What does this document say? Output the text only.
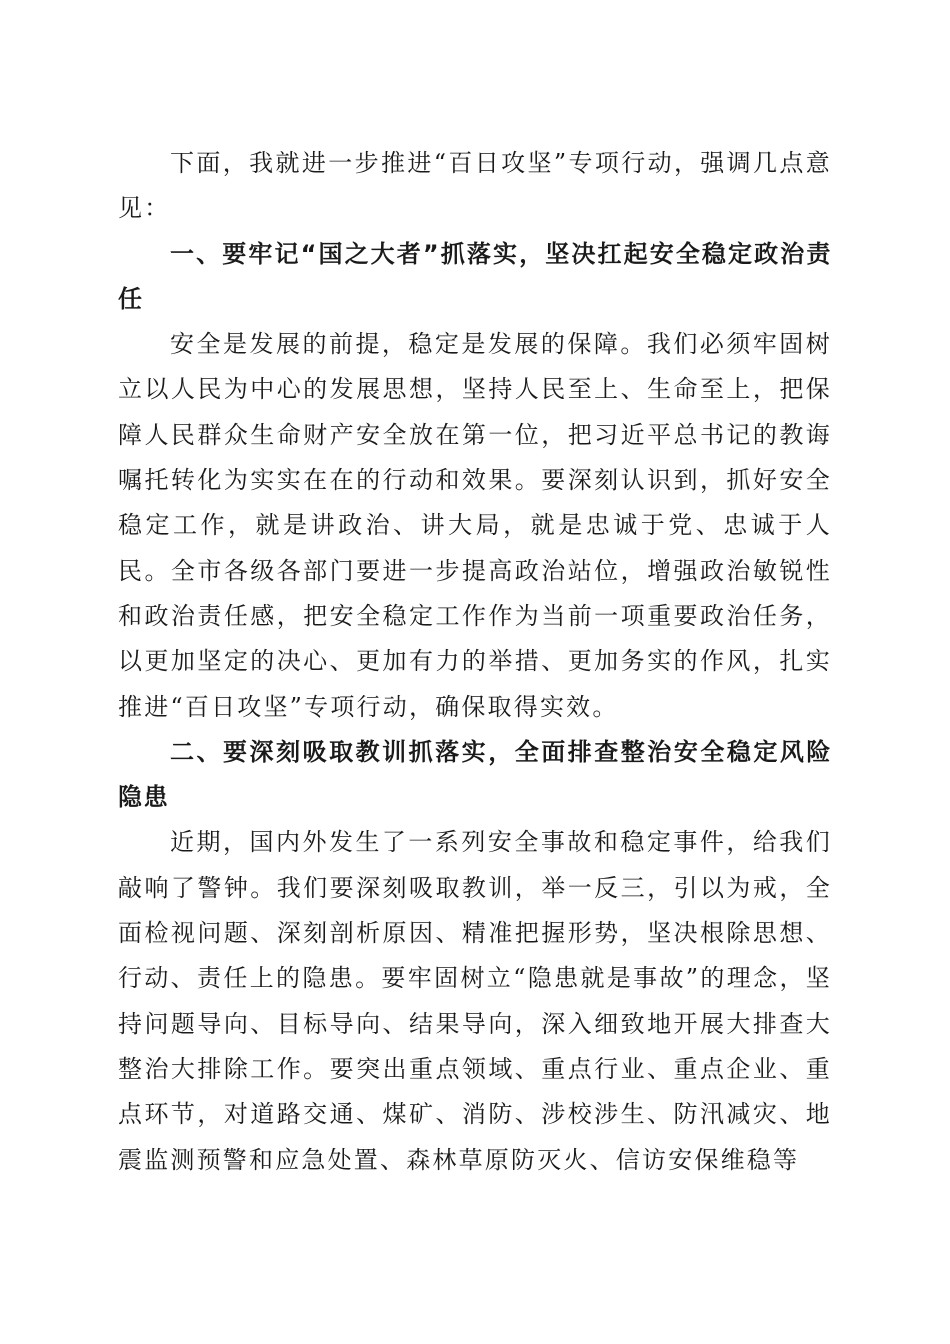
下面，我就进一步推进“百日攻坚”专项行动，强调几点意见：

一、要牢记“国之大者”抓落实，坚决扛起安全稳定政治责任

安全是发展的前提，稳定是发展的保障。我们必须牢固树立以人民为中心的发展思想，坚持人民至上、生命至上，把保障人民群众生命财产安全放在第一位，把习近平总书记的教诲嘱托转化为实实在在的行动和效果。要深刻认识到，抓好安全稳定工作，就是讲政治、讲大局，就是忠诚于党、忠诚于人民。全市各级各部门要进一步提高政治站位，增强政治敏锐性和政治责任感，把安全稳定工作作为当前一项重要政治任务，以更加坚定的决心、更加有力的举措、更加务实的作风，扎实推进“百日攻坚”专项行动，确保取得实效。

二、要深刻吸取教训抓落实，全面排查整治安全稳定风险隐患

近期，国内外发生了一系列安全事故和稳定事件，给我们敲响了警钟。我们要深刻吸取教训，举一反三，引以为戒，全面检视问题、深刻剖析原因、精准把握形势，坚决根除思想、行动、责任上的隐患。要牢固树立“隐患就是事故”的理念，坚持问题导向、目标导向、结果导向，深入细致地开展大排查大整治大排除工作。要突出重点领域、重点行业、重点企业、重点环节，对道路交通、煤矿、消防、涉校涉生、防汛减灾、地震监测预警和应急处置、森林草原防灭火、信访安保维稳等
